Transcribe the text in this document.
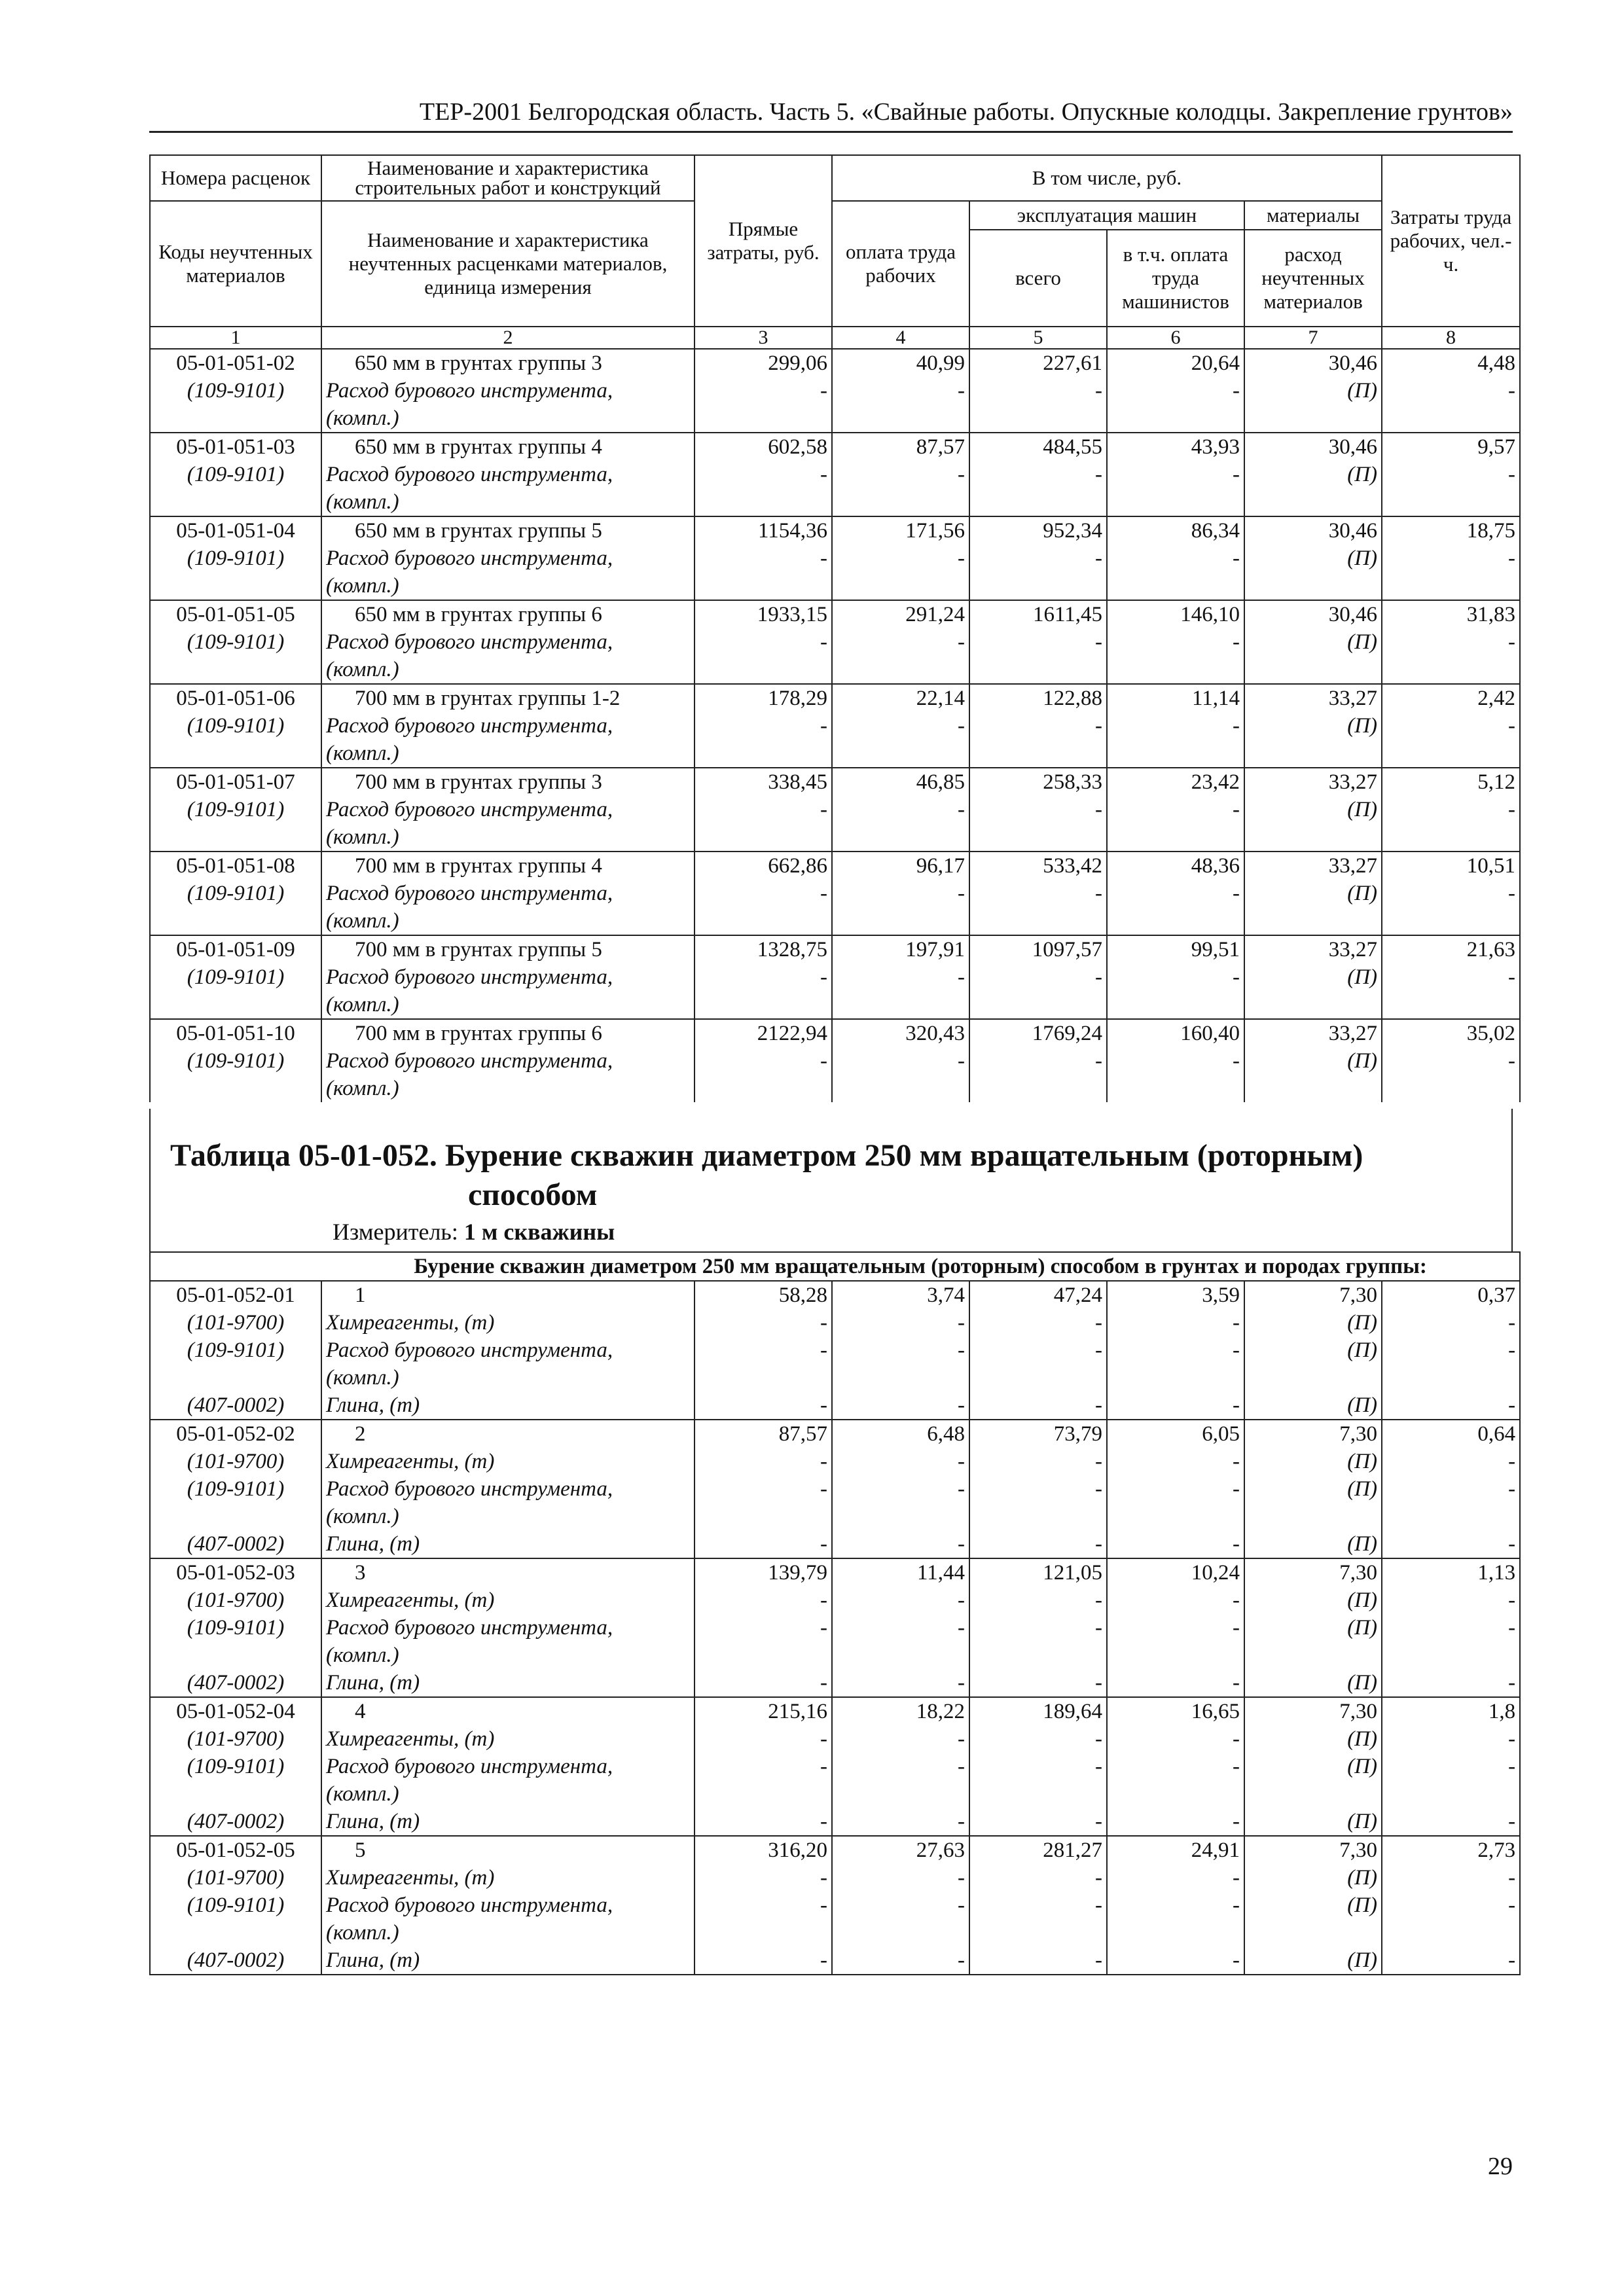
ТЕР-2001 Белгородская область. Часть 5. «Свайные работы. Опускные колодцы. Закрепление грунтов»
Номера расценок	Наименование и характеристика строительных работ и конструкций	Прямые затраты, руб.	В том числе, руб.				Затраты труда рабочих, чел.-ч.
Коды неучтенных материалов	Наименование и характеристика неучтенных расценками материалов, единица измерения		оплата труда рабочих	эксплуатация машин		материалы	
				всего	в т.ч. оплата труда машинистов	расход неучтенных материалов	
1	2	3	4	5	6	7	8
05-01-051-02	650 мм в грунтах группы 3	299,06	40,99	227,61	20,64	30,46	4,48
(109-9101)	Расход бурового инструмента,
(компл.)	-	-	-	-	(П)	-
05-01-051-03	650 мм в грунтах группы 4	602,58	87,57	484,55	43,93	30,46	9,57
(109-9101)	Расход бурового инструмента,
(компл.)	-	-	-	-	(П)	-
05-01-051-04	650 мм в грунтах группы 5	1154,36	171,56	952,34	86,34	30,46	18,75
(109-9101)	Расход бурового инструмента,
(компл.)	-	-	-	-	(П)	-
05-01-051-05	650 мм в грунтах группы 6	1933,15	291,24	1611,45	146,10	30,46	31,83
(109-9101)	Расход бурового инструмента,
(компл.)	-	-	-	-	(П)	-
05-01-051-06	700 мм в грунтах группы 1-2	178,29	22,14	122,88	11,14	33,27	2,42
(109-9101)	Расход бурового инструмента,
(компл.)	-	-	-	-	(П)	-
05-01-051-07	700 мм в грунтах группы 3	338,45	46,85	258,33	23,42	33,27	5,12
(109-9101)	Расход бурового инструмента,
(компл.)	-	-	-	-	(П)	-
05-01-051-08	700 мм в грунтах группы 4	662,86	96,17	533,42	48,36	33,27	10,51
(109-9101)	Расход бурового инструмента,
(компл.)	-	-	-	-	(П)	-
05-01-051-09	700 мм в грунтах группы 5	1328,75	197,91	1097,57	99,51	33,27	21,63
(109-9101)	Расход бурового инструмента,
(компл.)	-	-	-	-	(П)	-
05-01-051-10	700 мм в грунтах группы 6	2122,94	320,43	1769,24	160,40	33,27	35,02
(109-9101)	Расход бурового инструмента,
(компл.)	-	-	-	-	(П)	-
Таблица 05-01-052. Бурение скважин диаметром 250 мм вращательным (роторным)
способом
Измеритель: 1 м скважины
	Бурение скважин диаметром 250 мм вращательным (роторным) способом в грунтах и породах группы:						
05-01-052-01	1	58,28	3,74	47,24	3,59	7,30	0,37
(101-9700)	Химреагенты, (т)	-	-	-	-	(П)	-
(109-9101)	Расход бурового инструмента,
(компл.)	-	-	-	-	(П)	-
(407-0002)	Глина, (т)	-	-	-	-	(П)	-
05-01-052-02	2	87,57	6,48	73,79	6,05	7,30	0,64
(101-9700)	Химреагенты, (т)	-	-	-	-	(П)	-
(109-9101)	Расход бурового инструмента,
(компл.)	-	-	-	-	(П)	-
(407-0002)	Глина, (т)	-	-	-	-	(П)	-
05-01-052-03	3	139,79	11,44	121,05	10,24	7,30	1,13
(101-9700)	Химреагенты, (т)	-	-	-	-	(П)	-
(109-9101)	Расход бурового инструмента,
(компл.)	-	-	-	-	(П)	-
(407-0002)	Глина, (т)	-	-	-	-	(П)	-
05-01-052-04	4	215,16	18,22	189,64	16,65	7,30	1,8
(101-9700)	Химреагенты, (т)	-	-	-	-	(П)	-
(109-9101)	Расход бурового инструмента,
(компл.)	-	-	-	-	(П)	-
(407-0002)	Глина, (т)	-	-	-	-	(П)	-
05-01-052-05	5	316,20	27,63	281,27	24,91	7,30	2,73
(101-9700)	Химреагенты, (т)	-	-	-	-	(П)	-
(109-9101)	Расход бурового инструмента,
(компл.)	-	-	-	-	(П)	-
(407-0002)	Глина, (т)	-	-	-	-	(П)	-
29
